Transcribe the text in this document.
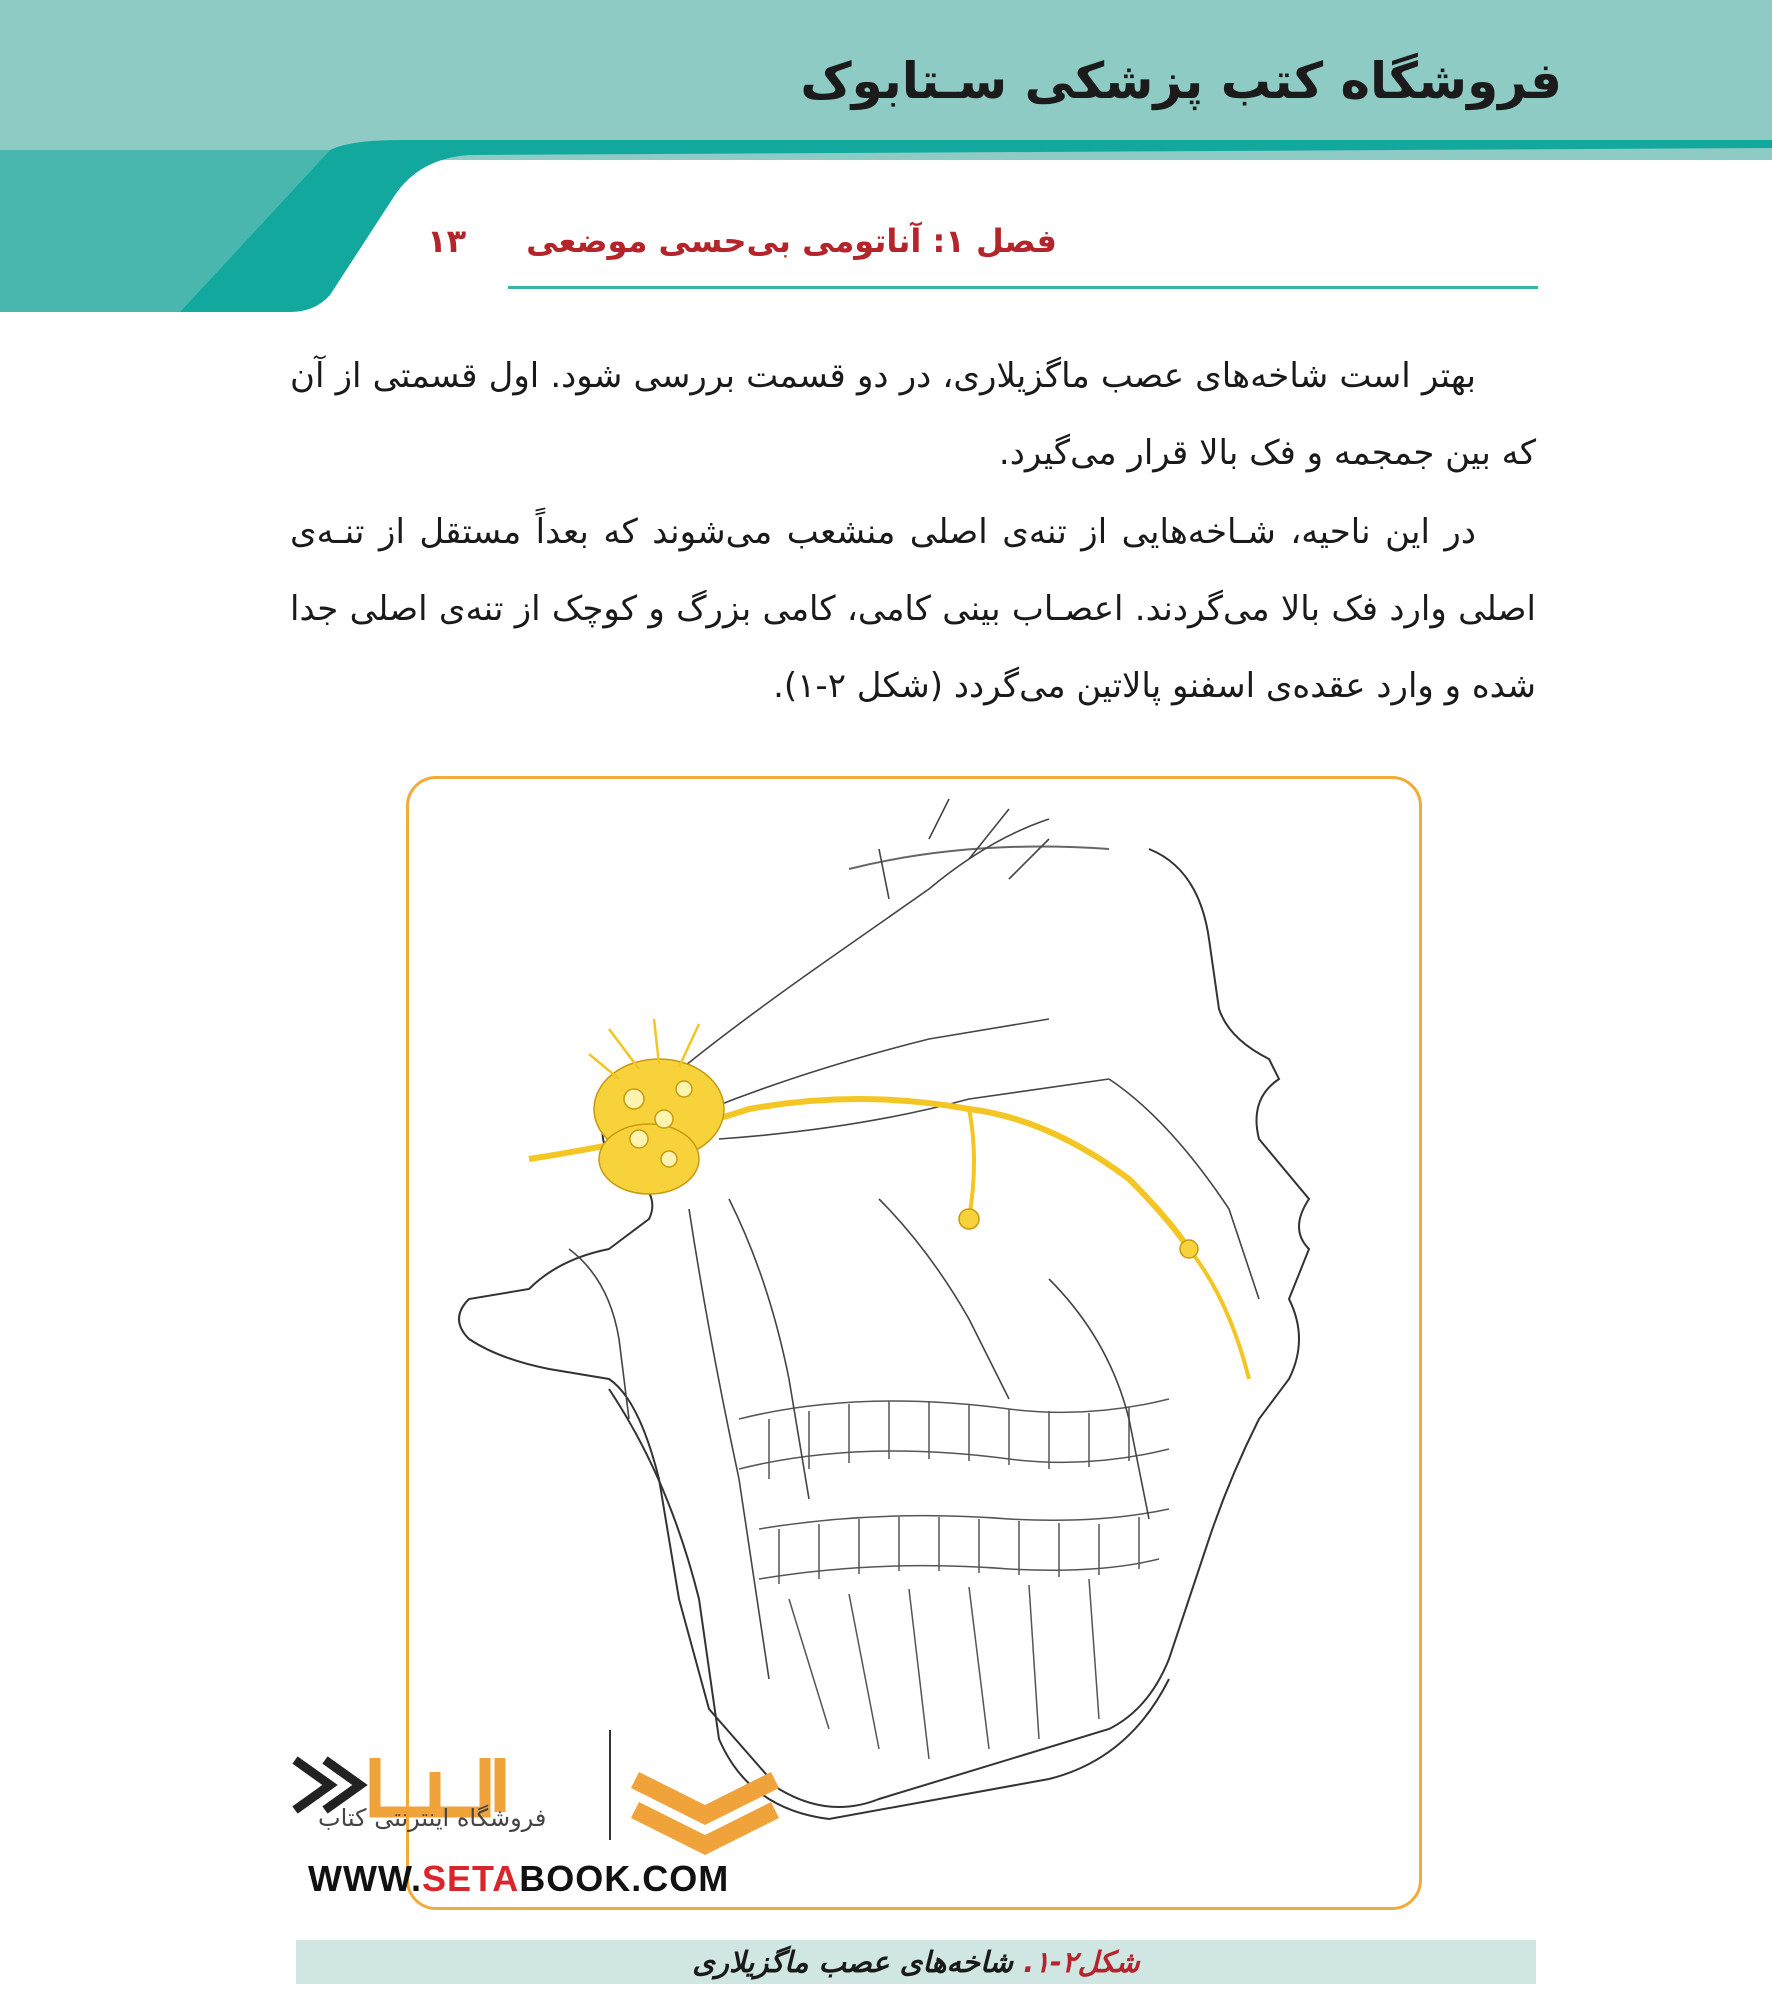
فروشگاه کتب پزشکی سـتابوک
فصل ۱: آناتومی بی‌حسی موضعی۱۳
بهتر است شاخه‌های عصب ماگزیلاری، در دو قسمت بررسی شود. اول قسمتی از آن که بین جمجمه و فک بالا قرار می‌گیرد.
در این ناحیه، شـاخه‌هایی از تنه‌ی اصلی منشعب می‌شوند که بعداً مستقل از تنـه‌ی اصلی وارد فک بالا می‌گردند. اعصـاب بینی کامی، کامی بزرگ و کوچک از تنه‌ی اصلی جدا شده و وارد عقده‌ی اسفنو پالاتین می‌گردد (شکل ۲-۱).
فروشگاه اینترنتی کتاب
WWW.SETABOOK.COM
شکل۲-۱. شاخه‌های عصب ماگزیلاری
